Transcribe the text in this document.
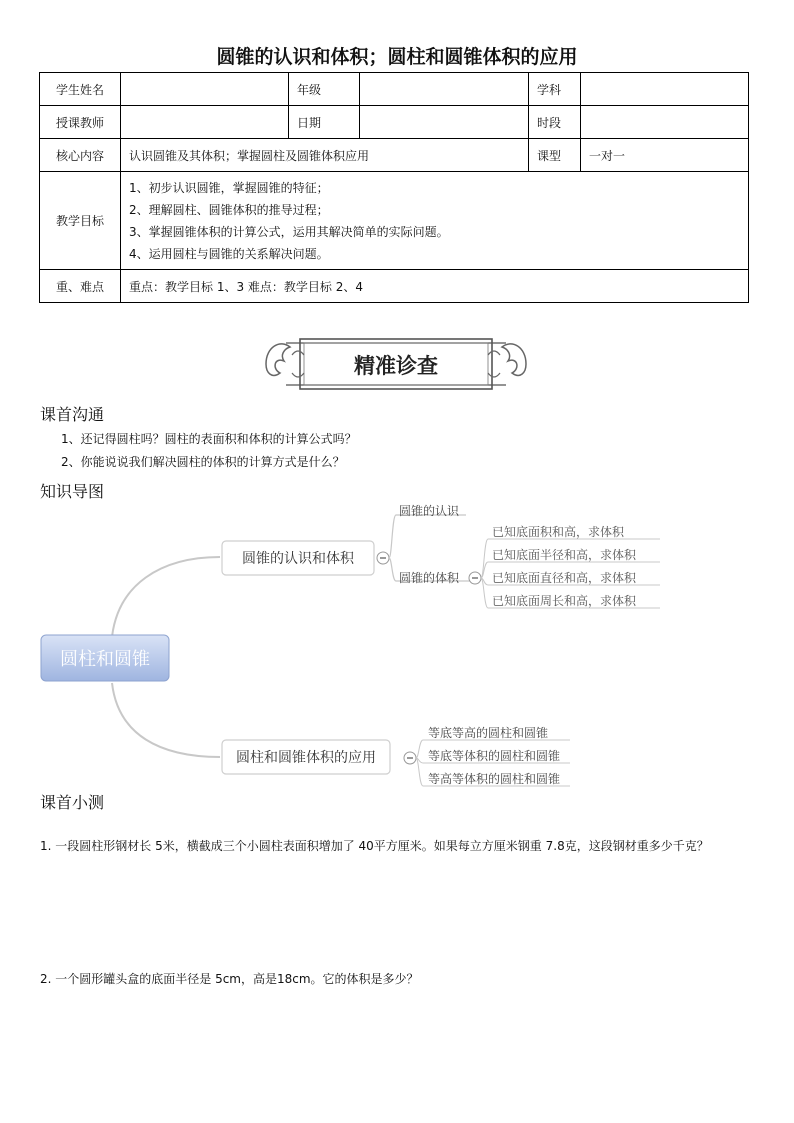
圆锥的认识和体积；圆柱和圆锥体积的应用
学生姓名		年级		学科	
授课教师		日期		时段	
核心内容	认识圆锥及其体积；掌握圆柱及圆锥体积应用			课型	一对一
教学目标	1、初步认识圆锥，掌握圆锥的特征；
2、理解圆柱、圆锥体积的推导过程；
3、掌握圆锥体积的计算公式，运用其解决简单的实际问题。
4、运用圆柱与圆锥的关系解决问题。				

重、难点	重点：教学目标 1、3 难点：教学目标 2、4				
精准诊查
课首沟通
1、还记得圆柱吗？圆柱的表面积和体积的计算公式吗？
2、你能说说我们解决圆柱的体积的计算方式是什么？
知识导图
圆柱和圆锥
圆锥的认识和体积
圆锥的认识
圆锥的体积
已知底面积和高，求体积
已知底面半径和高，求体积
已知底面直径和高，求体积
已知底面周长和高，求体积
圆柱和圆锥体积的应用
等底等高的圆柱和圆锥
等底等体积的圆柱和圆锥
等高等体积的圆柱和圆锥
课首小测
1. 一段圆柱形钢材长 5米，横截成三个小圆柱表面积增加了 40平方厘米。如果每立方厘米钢重 7.8克，这段钢材重多少千克？
2. 一个圆形罐头盒的底面半径是 5cm，高是18cm。它的体积是多少？
